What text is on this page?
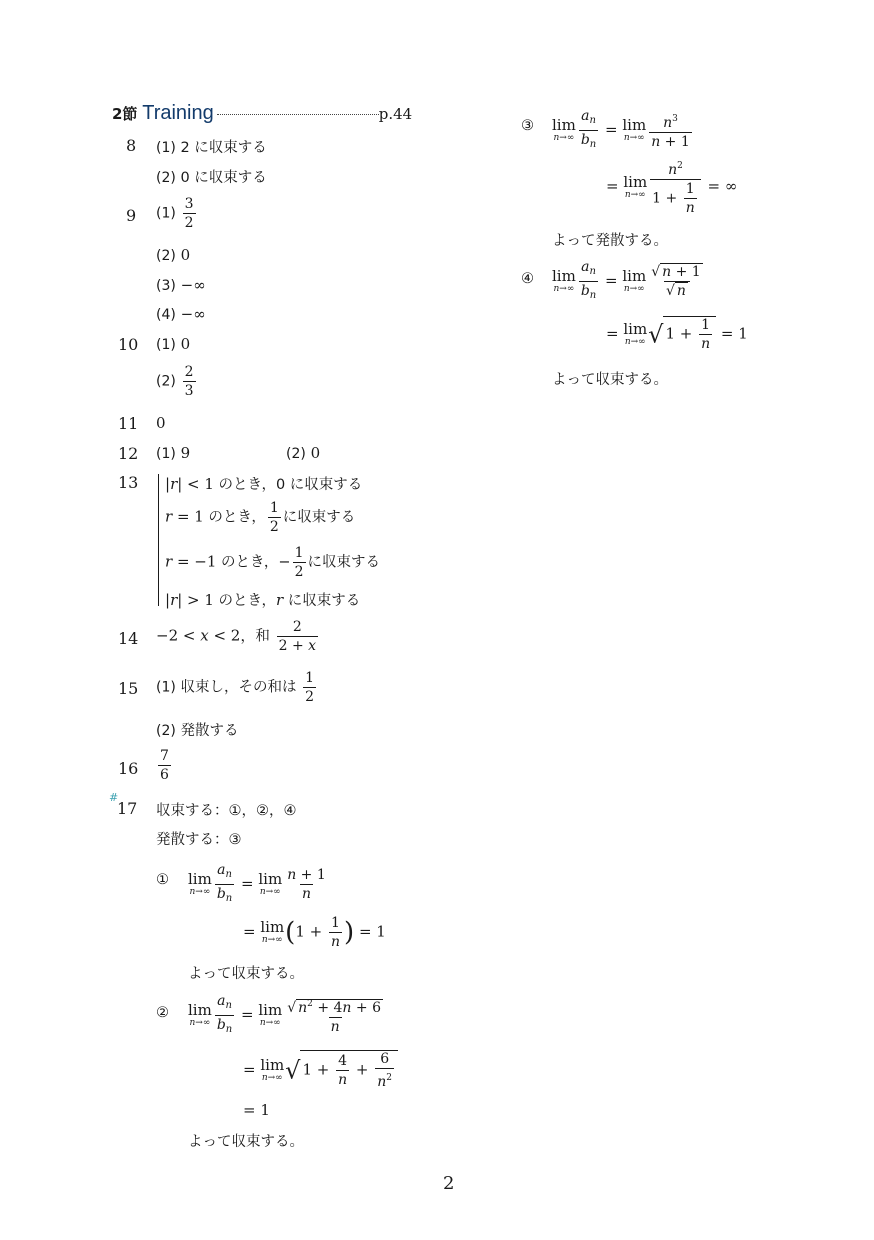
2節 Training	p.44
8 (1) 2 に収束する
(2) 0 に収束する
9 $(1) \frac{3}{2}$
(2) 0
(3) −∞
(4) −∞
10 (1) 0
$(2) \frac{2}{3}$
11 0
12 (1) 9	(2) 0
13 |r| < 1 のとき，0 に収束する
r = 1 のとき， $\frac{1}{2}$ に収束する
r = −1 のとき，− $\frac{1}{2}$ に収束する
|r| > 1 のとき，r に収束する
14 −2 < x < 2，和 $\frac{2}{2 + x}$
15 (1) 収束し，その和は $\frac{1}{2}$
(2) 発散する
$16 \frac{7}{6}$
#
17 収束する：①，②，④
発散する：③
① lim
$n\to\infty \frac{a_n}{b_n} = \lim$
$n\to\infty \frac{n + 1}{n}$
= lim
n→∞ ($1 + \frac{1}{n}$ ) = 1
よって収束する。
② lim
$n\to\infty \frac{a_n}{b_n} = \lim$
$n\to\infty \frac{√ n^2 + 4n + 6}{n}$
= lim
n→∞ √ $1 + \frac{4}{n} + \frac{6}{n^2}$
= 1
よって収束する。
③ lim
$n\to\infty \frac{a_n}{b_n} = \lim$
$n\to\infty \frac{n^3}{n + 1}$
= lim
$n\to\infty \frac{n^2}{1 + \frac{1}{n}}$ = ∞
よって発散する。
④ lim
$n\to\infty \frac{a_n}{b_n} = \lim$
$n\to\infty \frac{√ n + 1}{√ n}$
= lim
n→∞ √ $1 + \frac{1}{n} = 1$
よって収束する。
2
